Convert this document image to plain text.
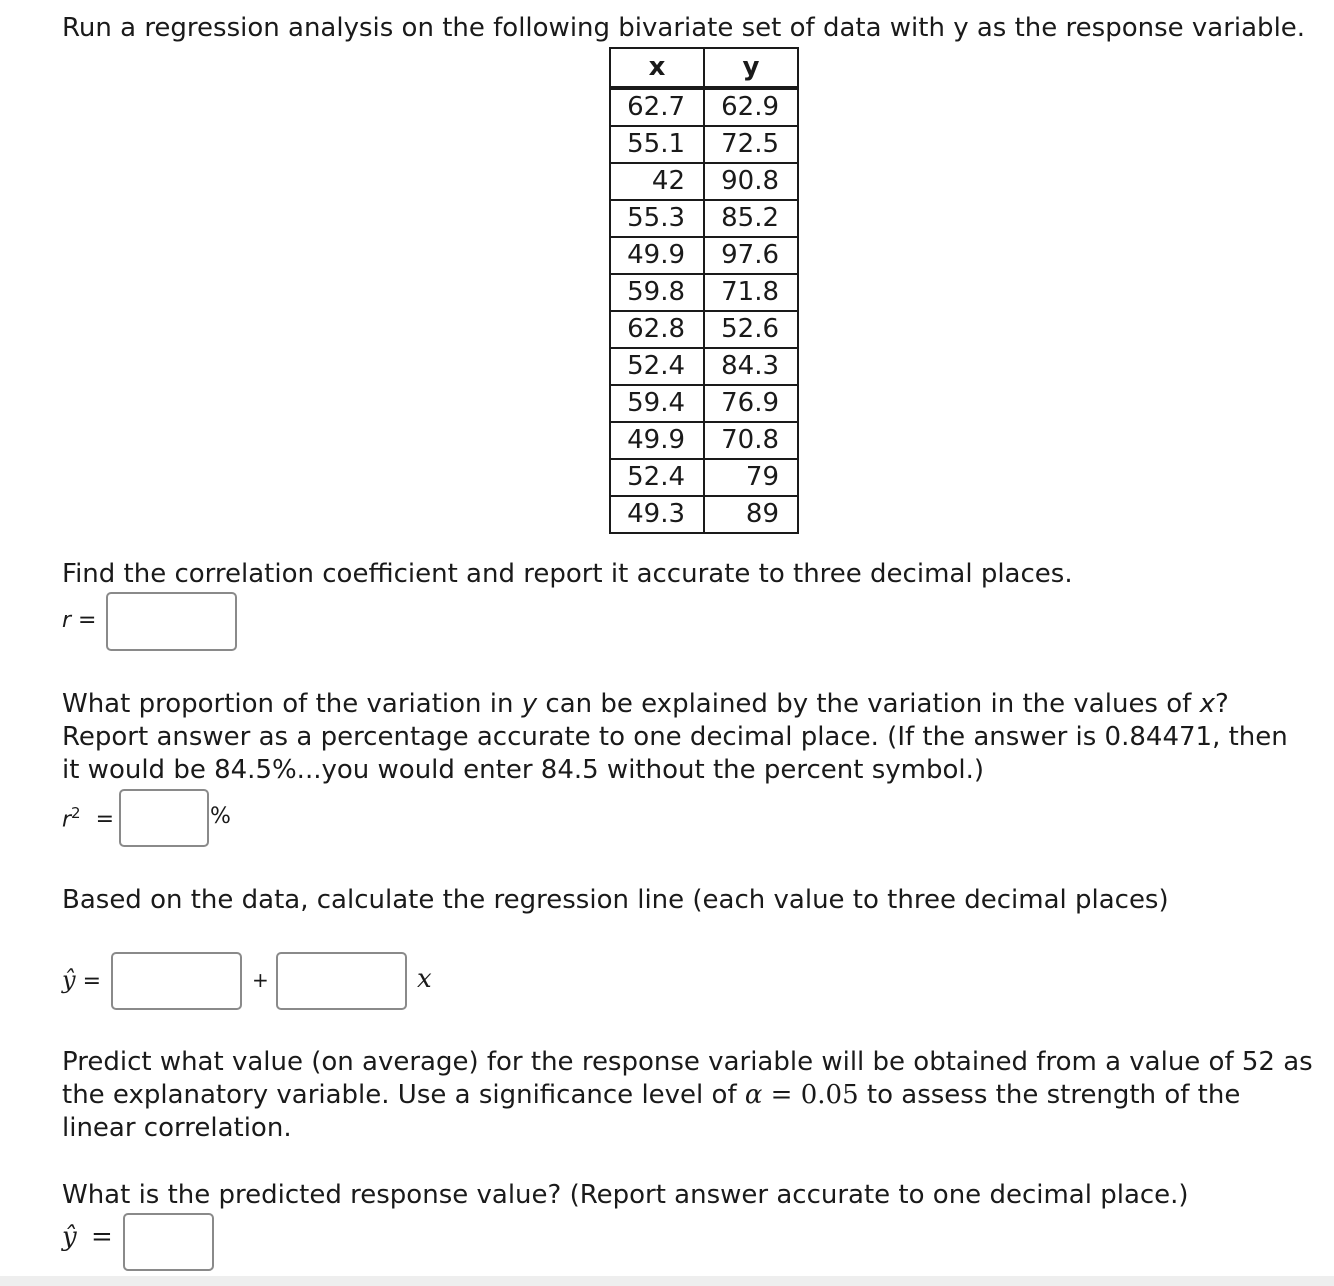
Run a regression analysis on the following bivariate set of data with y as the response variable.
x	y
62.7	62.9
55.1	72.5
42	90.8
55.3	85.2
49.9	97.6
59.8	71.8
62.8	52.6
52.4	84.3
59.4	76.9
49.9	70.8
52.4	79
49.3	89
Find the correlation coefficient and report it accurate to three decimal places.
r =
What proportion of the variation in y can be explained by the variation in the values of x?
Report answer as a percentage accurate to one decimal place. (If the answer is 0.84471, then
it would be 84.5%...you would enter 84.5 without the percent symbol.)
$r^2$ =	%
Based on the data, calculate the regression line (each value to three decimal places)
ŷ =	+	x
Predict what value (on average) for the response variable will be obtained from a value of 52 as
the explanatory variable. Use a significance level of α = 0.05 to assess the strength of the
linear correlation.
What is the predicted response value? (Report answer accurate to one decimal place.)
ŷ =
